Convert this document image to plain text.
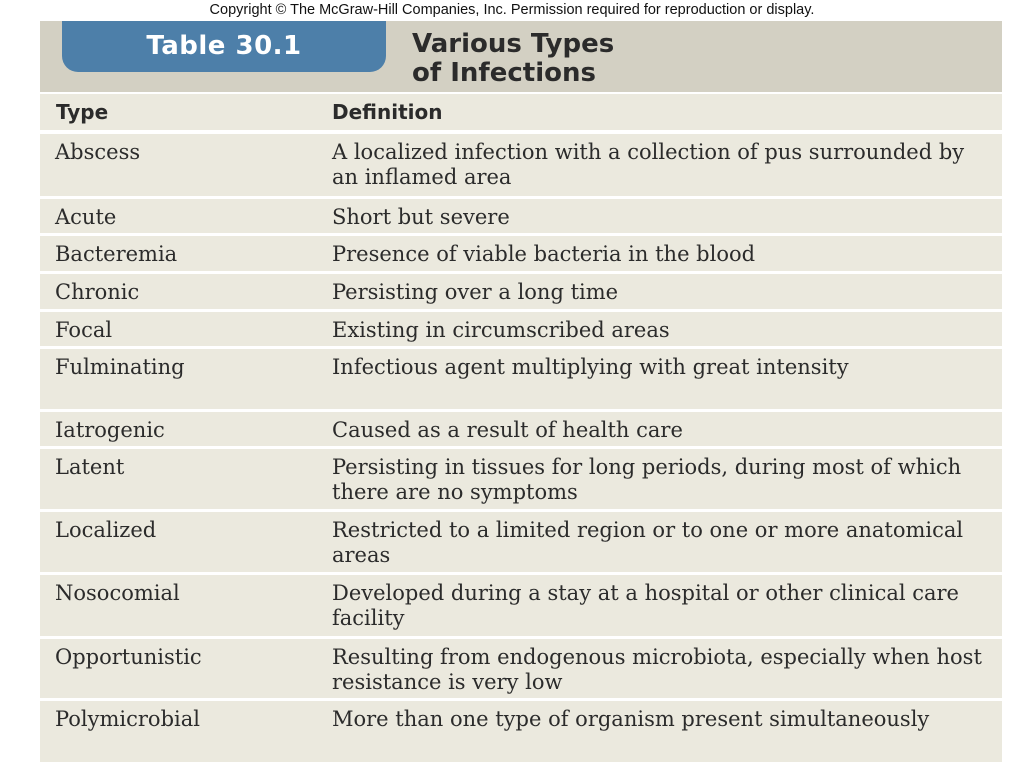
Copyright © The McGraw-Hill Companies, Inc. Permission required for reproduction or display.
Table 30.1	Various Types
of Infections
Type	Definition
Abscess	A localized infection with a collection of pus surrounded by an inflamed area
Acute	Short but severe
Bacteremia	Presence of viable bacteria in the blood
Chronic	Persisting over a long time
Focal	Existing in circumscribed areas
Fulminating	Infectious agent multiplying with great intensity
Iatrogenic	Caused as a result of health care
Latent	Persisting in tissues for long periods, during most of which there are no symptoms
Localized	Restricted to a limited region or to one or more anatomical areas
Nosocomial	Developed during a stay at a hospital or other clinical care facility
Opportunistic	Resulting from endogenous microbiota, especially when host resistance is very low
Polymicrobial	More than one type of organism present simultaneously
